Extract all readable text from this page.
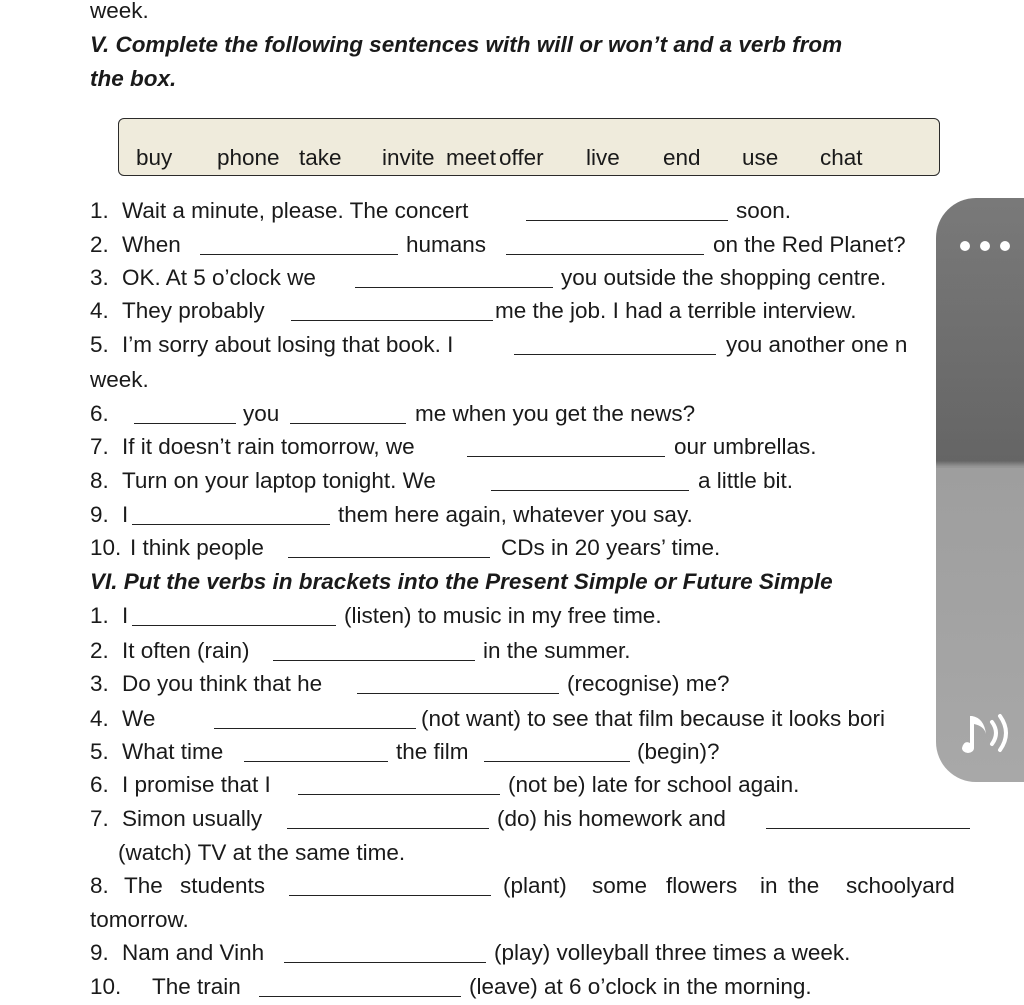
week.
V. Complete the following sentences with will or won’t and a verb from
the box.
buy phone take invite meet offer live end use chat
1. Wait a minute, please. The concert	soon.
2. When	humans	on the Red Planet?
3. OK. At 5 o’clock we	you outside the shopping centre.
4. They probably	me the job. I had a terrible interview.
5. I’m sorry about losing that book. I	you another one n
week.
6.	you	me when you get the news?
7. If it doesn’t rain tomorrow, we	our umbrellas.
8. Turn on your laptop tonight. We	a little bit.
9. I	them here again, whatever you say.
10. I think people	CDs in 20 years’ time.
VI. Put the verbs in brackets into the Present Simple or Future Simple
1. I	(listen) to music in my free time.
2. It often (rain)	in the summer.
3. Do you think that he	(recognise) me?
4. We	(not want) to see that film because it looks bori
5. What time	the film	(begin)?
6. I promise that I	(not be) late for school again.
7. Simon usually	(do) his homework and
(watch) TV at the same time.
8. The students	(plant) some flowers in the schoolyard
tomorrow.
9. Nam and Vinh	(play) volleyball three times a week.
10. The train	(leave) at 6 o’clock in the morning.
